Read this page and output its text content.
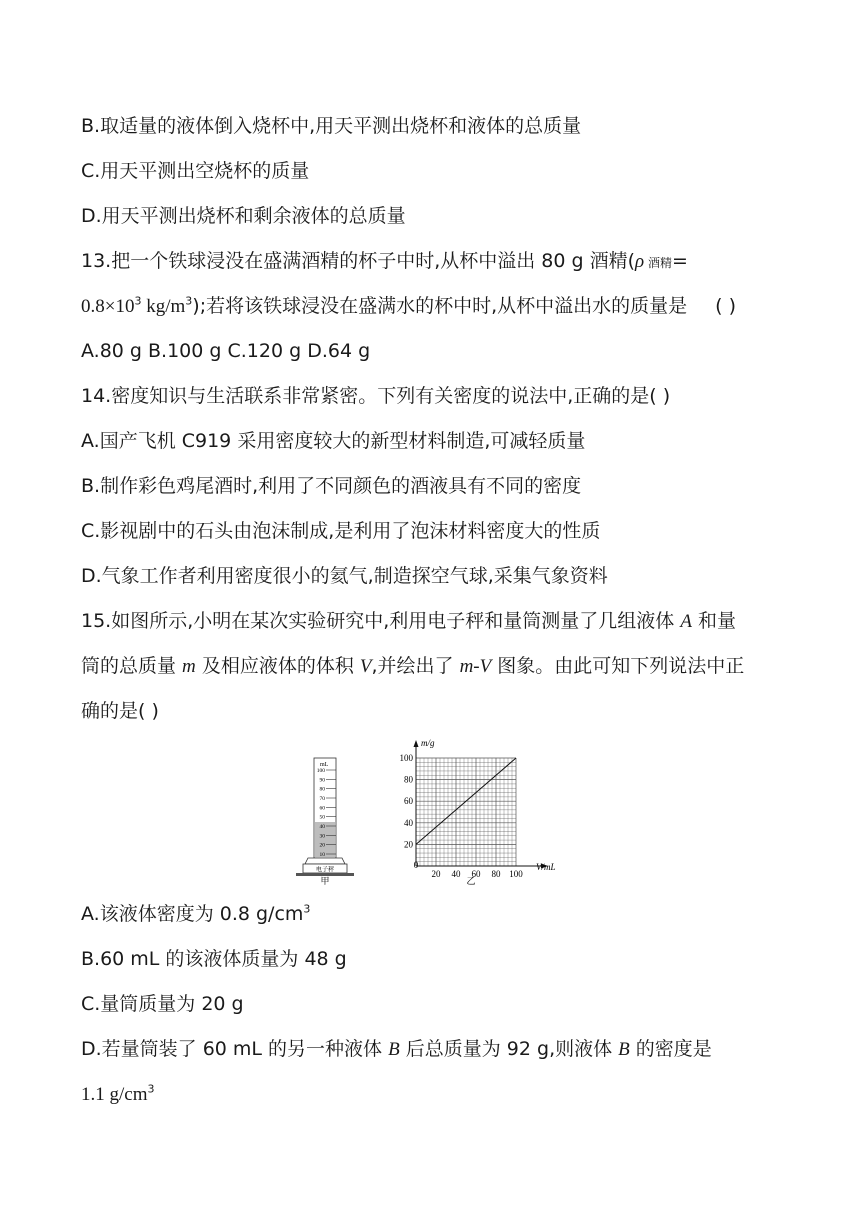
B.取适量的液体倒入烧杯中,用天平测出烧杯和液体的总质量
C.用天平测出空烧杯的质量
D.用天平测出烧杯和剩余液体的总质量
13.把一个铁球浸没在盛满酒精的杯子中时,从杯中溢出 80 g 酒精(ρ 酒精=
$0.8\times 10^3$ $kg/m^3$);若将该铁球浸没在盛满水的杯中时,从杯中溢出水的质量是 ( )
A.80 g B.100 g C.120 g D.64 g
14.密度知识与生活联系非常紧密。下列有关密度的说法中,正确的是( )
A.国产飞机 C919 采用密度较大的新型材料制造,可减轻质量
B.制作彩色鸡尾酒时,利用了不同颜色的酒液具有不同的密度
C.影视剧中的石头由泡沫制成,是利用了泡沫材料密度大的性质
D.气象工作者利用密度很小的氦气,制造探空气球,采集气象资料
15.如图所示,小明在某次实验研究中,利用电子秤和量筒测量了几组液体 A 和量
筒的总质量 m 及相应液体的体积 V,并绘出了 m-V 图象。由此可知下列说法中正
确的是( )
mL
100
90
80
70
60
50
40
30
20
10
电子秤
甲
m/g
V/mL
0
20 40 60 80 100
20
40
60
80
100
乙
A.该液体密度为 0.8 $g/cm^3$
B.60 mL 的该液体质量为 48 g
C.量筒质量为 20 g
D.若量筒装了 60 mL 的另一种液体 B 后总质量为 92 g,则液体 B 的密度是
1.1 $g/cm^3$
